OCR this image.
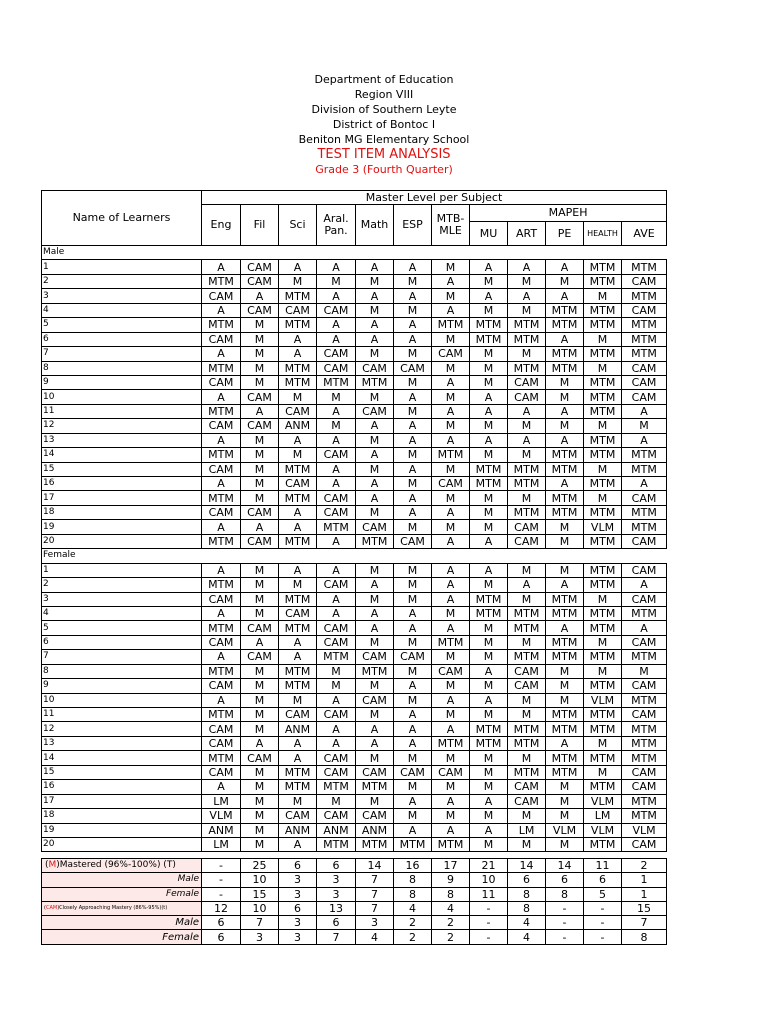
Department of Education
Region VIII
Division of Southern Leyte
District of Bontoc I
Beniton MG Elementary School
TEST ITEM ANALYSIS
Grade 3 (Fourth Quarter)
Name of Learners	Master Level per Subject											
	Eng	Fil	Sci	Aral. Pan.	Math	ESP	MTB-MLE	MAPEH				
								MU	ART	PE	HEALTH	AVE
Male												
1	A	CAM	A	A	A	A	M	A	A	A	MTM	MTM
2	MTM	CAM	M	M	M	M	A	M	M	M	MTM	CAM
3	CAM	A	MTM	A	A	A	M	A	A	A	M	MTM
4	A	CAM	CAM	CAM	M	M	A	M	M	MTM	MTM	CAM
5	MTM	M	MTM	A	A	A	MTM	MTM	MTM	MTM	MTM	MTM
6	CAM	M	A	A	A	A	M	MTM	MTM	A	M	MTM
7	A	M	A	CAM	M	M	CAM	M	M	MTM	MTM	MTM
8	MTM	M	MTM	CAM	CAM	CAM	M	M	MTM	MTM	M	CAM
9	CAM	M	MTM	MTM	MTM	M	A	M	CAM	M	MTM	CAM
10	A	CAM	M	M	M	A	M	A	CAM	M	MTM	CAM
11	MTM	A	CAM	A	CAM	M	A	A	A	A	MTM	A
12	CAM	CAM	ANM	M	A	A	M	M	M	M	M	M
13	A	M	A	A	M	A	A	A	A	A	MTM	A
14	MTM	M	M	CAM	A	M	MTM	M	M	MTM	MTM	MTM
15	CAM	M	MTM	A	M	A	M	MTM	MTM	MTM	M	MTM
16	A	M	CAM	A	A	M	CAM	MTM	MTM	A	MTM	A
17	MTM	M	MTM	CAM	A	A	M	M	M	MTM	M	CAM
18	CAM	CAM	A	CAM	M	A	A	M	MTM	MTM	MTM	MTM
19	A	A	A	MTM	CAM	M	M	M	CAM	M	VLM	MTM
20	MTM	CAM	MTM	A	MTM	CAM	A	A	CAM	M	MTM	CAM
Female												
1	A	M	A	A	M	M	A	A	M	M	MTM	CAM
2	MTM	M	M	CAM	A	M	A	M	A	A	MTM	A
3	CAM	M	MTM	A	M	M	A	MTM	M	MTM	M	CAM
4	A	M	CAM	A	A	A	M	MTM	MTM	MTM	MTM	MTM
5	MTM	CAM	MTM	CAM	A	A	A	M	MTM	A	MTM	A
6	CAM	A	A	CAM	M	M	MTM	M	M	MTM	M	CAM
7	A	CAM	A	MTM	CAM	CAM	M	M	MTM	MTM	MTM	MTM
8	MTM	M	MTM	M	MTM	M	CAM	A	CAM	M	M	M
9	CAM	M	MTM	M	M	A	M	M	CAM	M	MTM	CAM
10	A	M	M	A	CAM	M	A	A	M	M	VLM	MTM
11	MTM	M	CAM	CAM	M	A	M	M	M	MTM	MTM	CAM
12	CAM	M	ANM	A	A	A	A	MTM	MTM	MTM	MTM	MTM
13	CAM	A	A	A	A	A	MTM	MTM	MTM	A	M	MTM
14	MTM	CAM	A	CAM	M	M	M	M	M	MTM	MTM	MTM
15	CAM	M	MTM	CAM	CAM	CAM	CAM	M	MTM	MTM	M	CAM
16	A	M	MTM	MTM	MTM	M	M	M	CAM	M	MTM	CAM
17	LM	M	M	M	M	A	A	A	CAM	M	VLM	MTM
18	VLM	M	CAM	CAM	CAM	M	M	M	M	M	LM	MTM
19	ANM	M	ANM	ANM	ANM	A	A	A	LM	VLM	VLM	VLM
20	LM	M	A	MTM	MTM	MTM	MTM	M	M	M	MTM	CAM
(M)Mastered (96%-100%) (T)	-	25	6	6	14	16	17	21	14	14	11	2
Male	-	10	3	3	7	8	9	10	6	6	6	1
Female	-	15	3	3	7	8	8	11	8	8	5	1
(CAM)Closely Approaching Mastery (86%-95%)(t)	12	10	6	13	7	4	4	-	8	-	-	15
Male	6	7	3	6	3	2	2	-	4	-	-	7
Female	6	3	3	7	4	2	2	-	4	-	-	8
